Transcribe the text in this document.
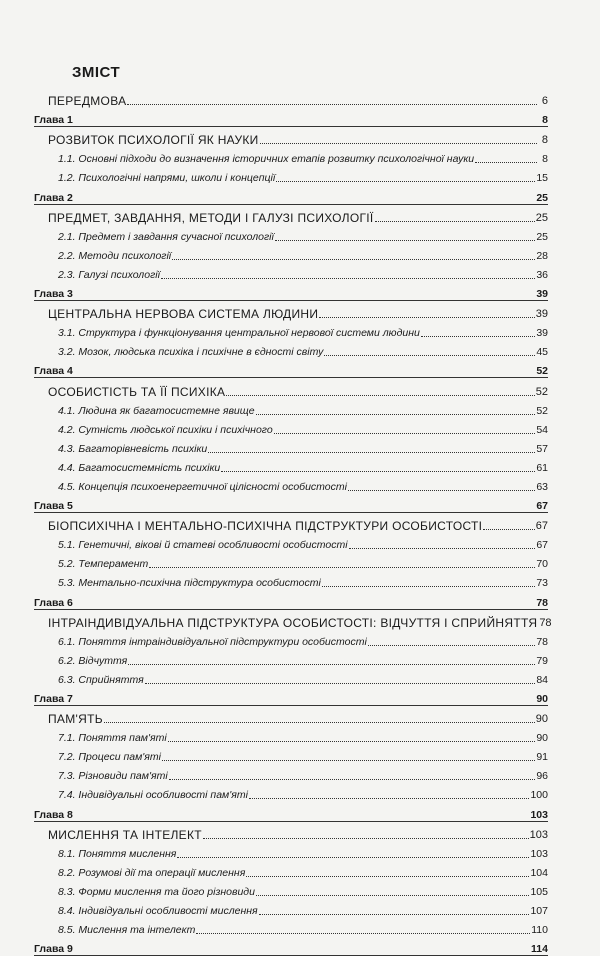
ЗМІСТ
ПЕРЕДМОВА	6
Глава 1	8
РОЗВИТОК ПСИХОЛОГІЇ ЯК НАУКИ	8
1.1. Основні підходи до визначення історичних етапів розвитку психологічної науки	8
1.2. Психологічні напрями, школи і концепції	15
Глава 2	25
ПРЕДМЕТ, ЗАВДАННЯ, МЕТОДИ І ГАЛУЗІ ПСИХОЛОГІЇ	25
2.1. Предмет і завдання сучасної психології	25
2.2. Методи психології	28
2.3. Галузі психології	36
Глава 3	39
ЦЕНТРАЛЬНА НЕРВОВА СИСТЕМА ЛЮДИНИ	39
3.1. Структура і функціонування центральної нервової системи людини	39
3.2. Мозок, людська психіка і психічне в єдності світу	45
Глава 4	52
ОСОБИСТІСТЬ ТА ЇЇ ПСИХІКА	52
4.1. Людина як багатосистемне явище	52
4.2. Сутність людської психіки і психічного	54
4.3. Багаторівневість психіки	57
4.4. Багатосистемність психіки	61
4.5. Концепція психоенергетичної цілісності особистості	63
Глава 5	67
БІОПСИХІЧНА І МЕНТАЛЬНО-ПСИХІЧНА ПІДСТРУКТУРИ ОСОБИСТОСТІ	67
5.1. Генетичні, вікові й статеві особливості особистості	67
5.2. Темперамент	70
5.3. Ментально-психічна підструктура особистості	73
Глава 6	78
ІНТРАІНДИВІДУАЛЬНА ПІДСТРУКТУРА ОСОБИСТОСТІ: ВІДЧУТТЯ І СПРИЙНЯТТЯ 78
6.1. Поняття інтраіндивідуальної підструктури особистості	78
6.2. Відчуття	79
6.3. Сприйняття	84
Глава 7	90
ПАМ'ЯТЬ	90
7.1. Поняття пам'яті	90
7.2. Процеси пам'яті	91
7.3. Різновиди пам'яті	96
7.4. Індивідуальні особливості пам'яті	100
Глава 8	103
МИСЛЕННЯ ТА ІНТЕЛЕКТ	103
8.1. Поняття мислення	103
8.2. Розумові дії та операції мислення	104
8.3. Форми мислення та його різновиди	105
8.4. Індивідуальні особливості мислення	107
8.5. Мислення та інтелект	110
Глава 9	114
